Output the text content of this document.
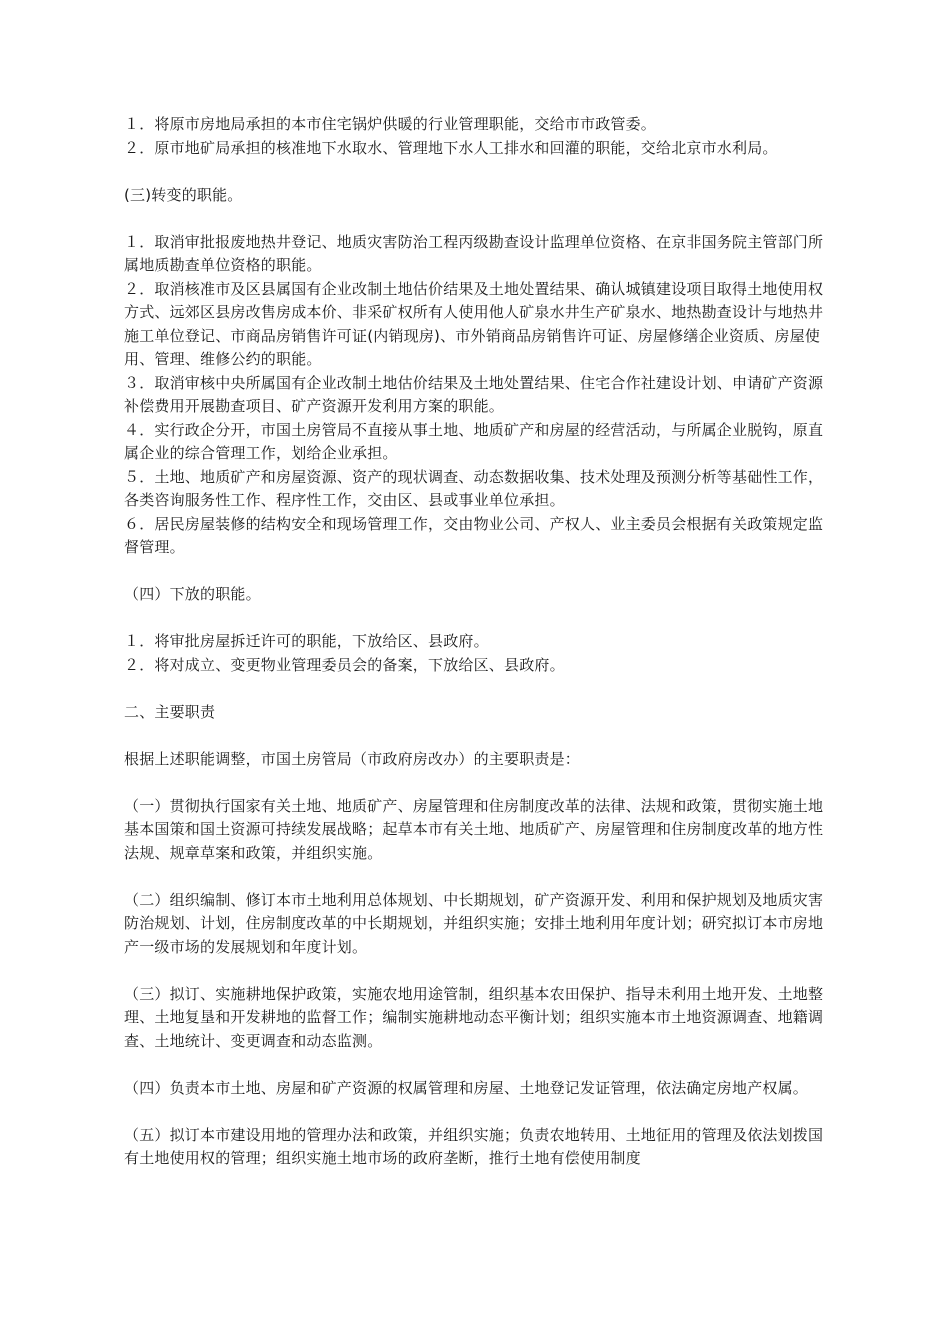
１．将原市房地局承担的本市住宅锅炉供暖的行业管理职能，交给市市政管委。

２．原市地矿局承担的核准地下水取水、管理地下水人工排水和回灌的职能，交给北京市水利局。

(三)转变的职能。

１．取消审批报废地热井登记、地质灾害防治工程丙级勘查设计监理单位资格、在京非国务院主管部门所属地质勘查单位资格的职能。

２．取消核准市及区县属国有企业改制土地估价结果及土地处置结果、确认城镇建设项目取得土地使用权方式、远郊区县房改售房成本价、非采矿权所有人使用他人矿泉水井生产矿泉水、地热勘查设计与地热井施工单位登记、市商品房销售许可证(内销现房)、市外销商品房销售许可证、房屋修缮企业资质、房屋使用、管理、维修公约的职能。

３．取消审核中央所属国有企业改制土地估价结果及土地处置结果、住宅合作社建设计划、申请矿产资源补偿费用开展勘查项目、矿产资源开发利用方案的职能。

４．实行政企分开，市国土房管局不直接从事土地、地质矿产和房屋的经营活动，与所属企业脱钩，原直属企业的综合管理工作，划给企业承担。

５．土地、地质矿产和房屋资源、资产的现状调查、动态数据收集、技术处理及预测分析等基础性工作，各类咨询服务性工作、程序性工作，交由区、县或事业单位承担。

６．居民房屋装修的结构安全和现场管理工作，交由物业公司、产权人、业主委员会根据有关政策规定监督管理。

（四）下放的职能。

１．将审批房屋拆迁许可的职能，下放给区、县政府。

２．将对成立、变更物业管理委员会的备案，下放给区、县政府。

二、主要职责

根据上述职能调整，市国土房管局（市政府房改办）的主要职责是：

（一）贯彻执行国家有关土地、地质矿产、房屋管理和住房制度改革的法律、法规和政策，贯彻实施土地基本国策和国土资源可持续发展战略；起草本市有关土地、地质矿产、房屋管理和住房制度改革的地方性法规、规章草案和政策，并组织实施。

（二）组织编制、修订本市土地利用总体规划、中长期规划，矿产资源开发、利用和保护规划及地质灾害防治规划、计划，住房制度改革的中长期规划，并组织实施；安排土地利用年度计划；研究拟订本市房地产一级市场的发展规划和年度计划。

（三）拟订、实施耕地保护政策，实施农地用途管制，组织基本农田保护、指导未利用土地开发、土地整理、土地复垦和开发耕地的监督工作；编制实施耕地动态平衡计划；组织实施本市土地资源调查、地籍调查、土地统计、变更调查和动态监测。

（四）负责本市土地、房屋和矿产资源的权属管理和房屋、土地登记发证管理，依法确定房地产权属。

（五）拟订本市建设用地的管理办法和政策，并组织实施；负责农地转用、土地征用的管理及依法划拨国有土地使用权的管理；组织实施土地市场的政府垄断，推行土地有偿使用制度
